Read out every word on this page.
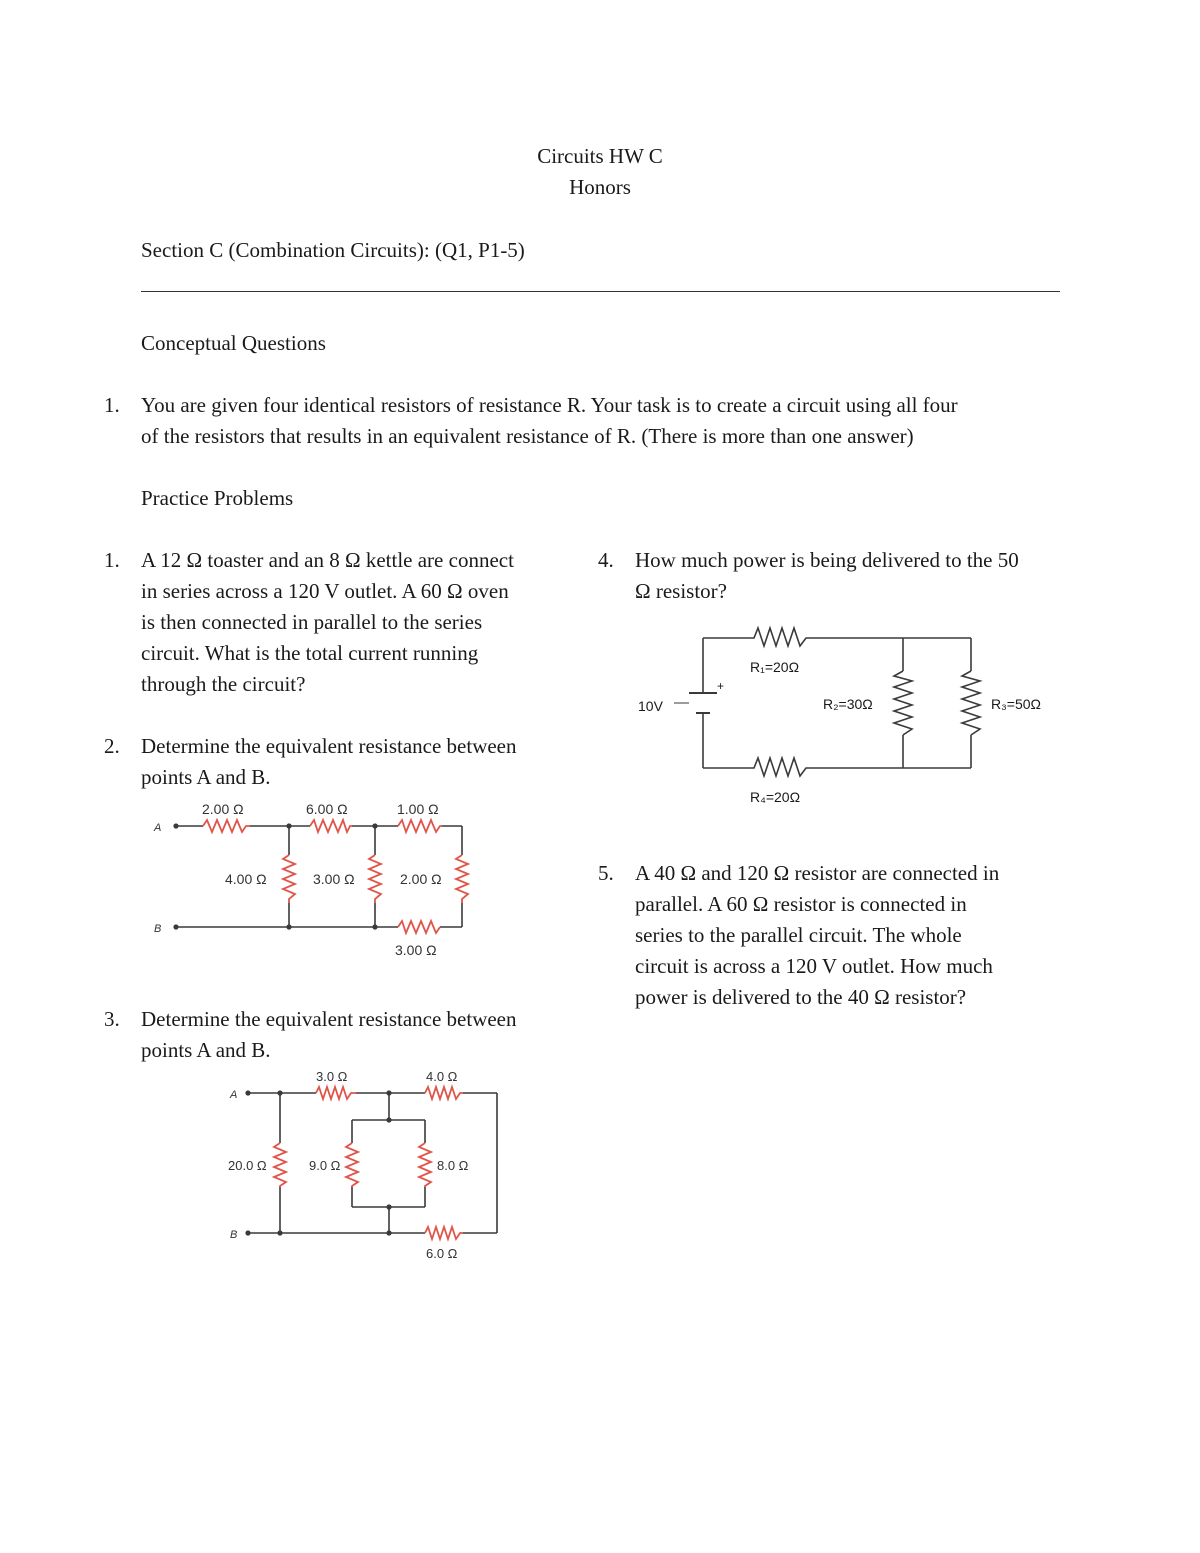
Circuits HW C
Honors
Section C (Combination Circuits): (Q1, P1-5)
Conceptual Questions
1. You are given four identical resistors of resistance R. Your task is to create a circuit using all four
of the resistors that results in an equivalent resistance of R. (There is more than one answer)
Practice Problems
1. A 12 Ω toaster and an 8 Ω kettle are connect
in series across a 120 V outlet. A 60 Ω oven
is then connected in parallel to the series
circuit. What is the total current running
through the circuit?
2. Determine the equivalent resistance between
points A and B.
3. Determine the equivalent resistance between
points A and B.
4. How much power is being delivered to the 50
Ω resistor?
5. A 40 Ω and 120 Ω resistor are connected in
parallel. A 60 Ω resistor is connected in
series to the parallel circuit. The whole
circuit is across a 120 V outlet. How much
power is delivered to the 40 Ω resistor?
A
B
2.00 Ω	6.00 Ω	1.00 Ω
4.00 Ω	3.00 Ω	2.00 Ω
3.00 Ω
A
B
3.0 Ω	4.0 Ω
20.0 Ω	9.0 Ω	8.0 Ω
6.0 Ω
10V
+
R₁=20Ω
R₂=30Ω	R₃=50Ω
R₄=20Ω
